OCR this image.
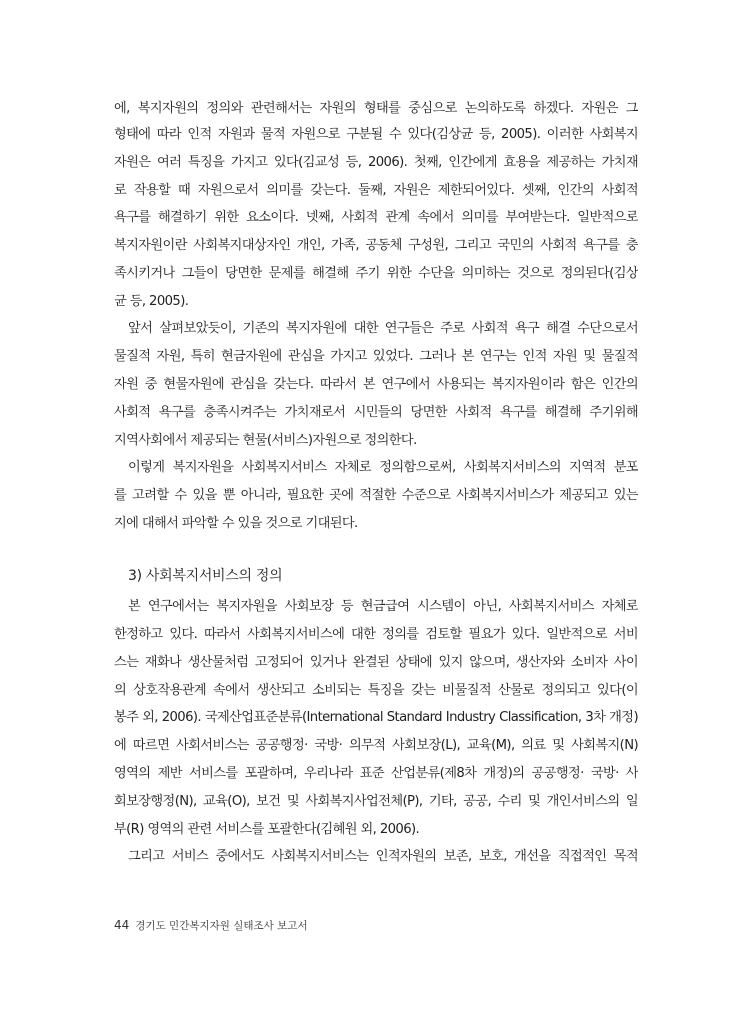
에, 복지자원의 정의와 관련해서는 자원의 형태를 중심으로 논의하도록 하겠다. 자원은 그
형태에 따라 인적 자원과 물적 자원으로 구분될 수 있다(김상균 등, 2005). 이러한 사회복지
자원은 여러 특징을 가지고 있다(김교성 등, 2006). 첫째, 인간에게 효용을 제공하는 가치재
로 작용할 때 자원으로서 의미를 갖는다. 둘째, 자원은 제한되어있다. 셋째, 인간의 사회적
욕구를 해결하기 위한 요소이다. 넷째, 사회적 관계 속에서 의미를 부여받는다. 일반적으로
복지자원이란 사회복지대상자인 개인, 가족, 공동체 구성원, 그리고 국민의 사회적 욕구를 충
족시키거나 그들이 당면한 문제를 해결해 주기 위한 수단을 의미하는 것으로 정의된다(김상
균 등, 2005).
앞서 살펴보았듯이, 기존의 복지자원에 대한 연구들은 주로 사회적 욕구 해결 수단으로서
물질적 자원, 특히 현금자원에 관심을 가지고 있었다. 그러나 본 연구는 인적 자원 및 물질적
자원 중 현물자원에 관심을 갖는다. 따라서 본 연구에서 사용되는 복지자원이라 함은 인간의
사회적 욕구를 충족시켜주는 가치재로서 시민들의 당면한 사회적 욕구를 해결해 주기위해
지역사회에서 제공되는 현물(서비스)자원으로 정의한다.
이렇게 복지자원을 사회복지서비스 자체로 정의함으로써, 사회복지서비스의 지역적 분포
를 고려할 수 있을 뿐 아니라, 필요한 곳에 적절한 수준으로 사회복지서비스가 제공되고 있는
지에 대해서 파악할 수 있을 것으로 기대된다.
3) 사회복지서비스의 정의
본 연구에서는 복지자원을 사회보장 등 현금급여 시스템이 아닌, 사회복지서비스 자체로
한정하고 있다. 따라서 사회복지서비스에 대한 정의를 검토할 필요가 있다. 일반적으로 서비
스는 재화나 생산물처럼 고정되어 있거나 완결된 상태에 있지 않으며, 생산자와 소비자 사이
의 상호작용관계 속에서 생산되고 소비되는 특징을 갖는 비물질적 산물로 정의되고 있다(이
봉주 외, 2006). 국제산업표준분류(International Standard Industry Classification, 3차 개정)
에 따르면 사회서비스는 공공행정· 국방· 의무적 사회보장(L), 교육(M), 의료 및 사회복지(N)
영역의 제반 서비스를 포괄하며, 우리나라 표준 산업분류(제8차 개정)의 공공행정· 국방· 사
회보장행정(N), 교육(O), 보건 및 사회복지사업전체(P), 기타, 공공, 수리 및 개인서비스의 일
부(R) 영역의 관련 서비스를 포괄한다(김혜원 외, 2006).
그리고 서비스 중에서도 사회복지서비스는 인적자원의 보존, 보호, 개선을 직접적인 목적
44 경기도 민간복지자원 실태조사 보고서
